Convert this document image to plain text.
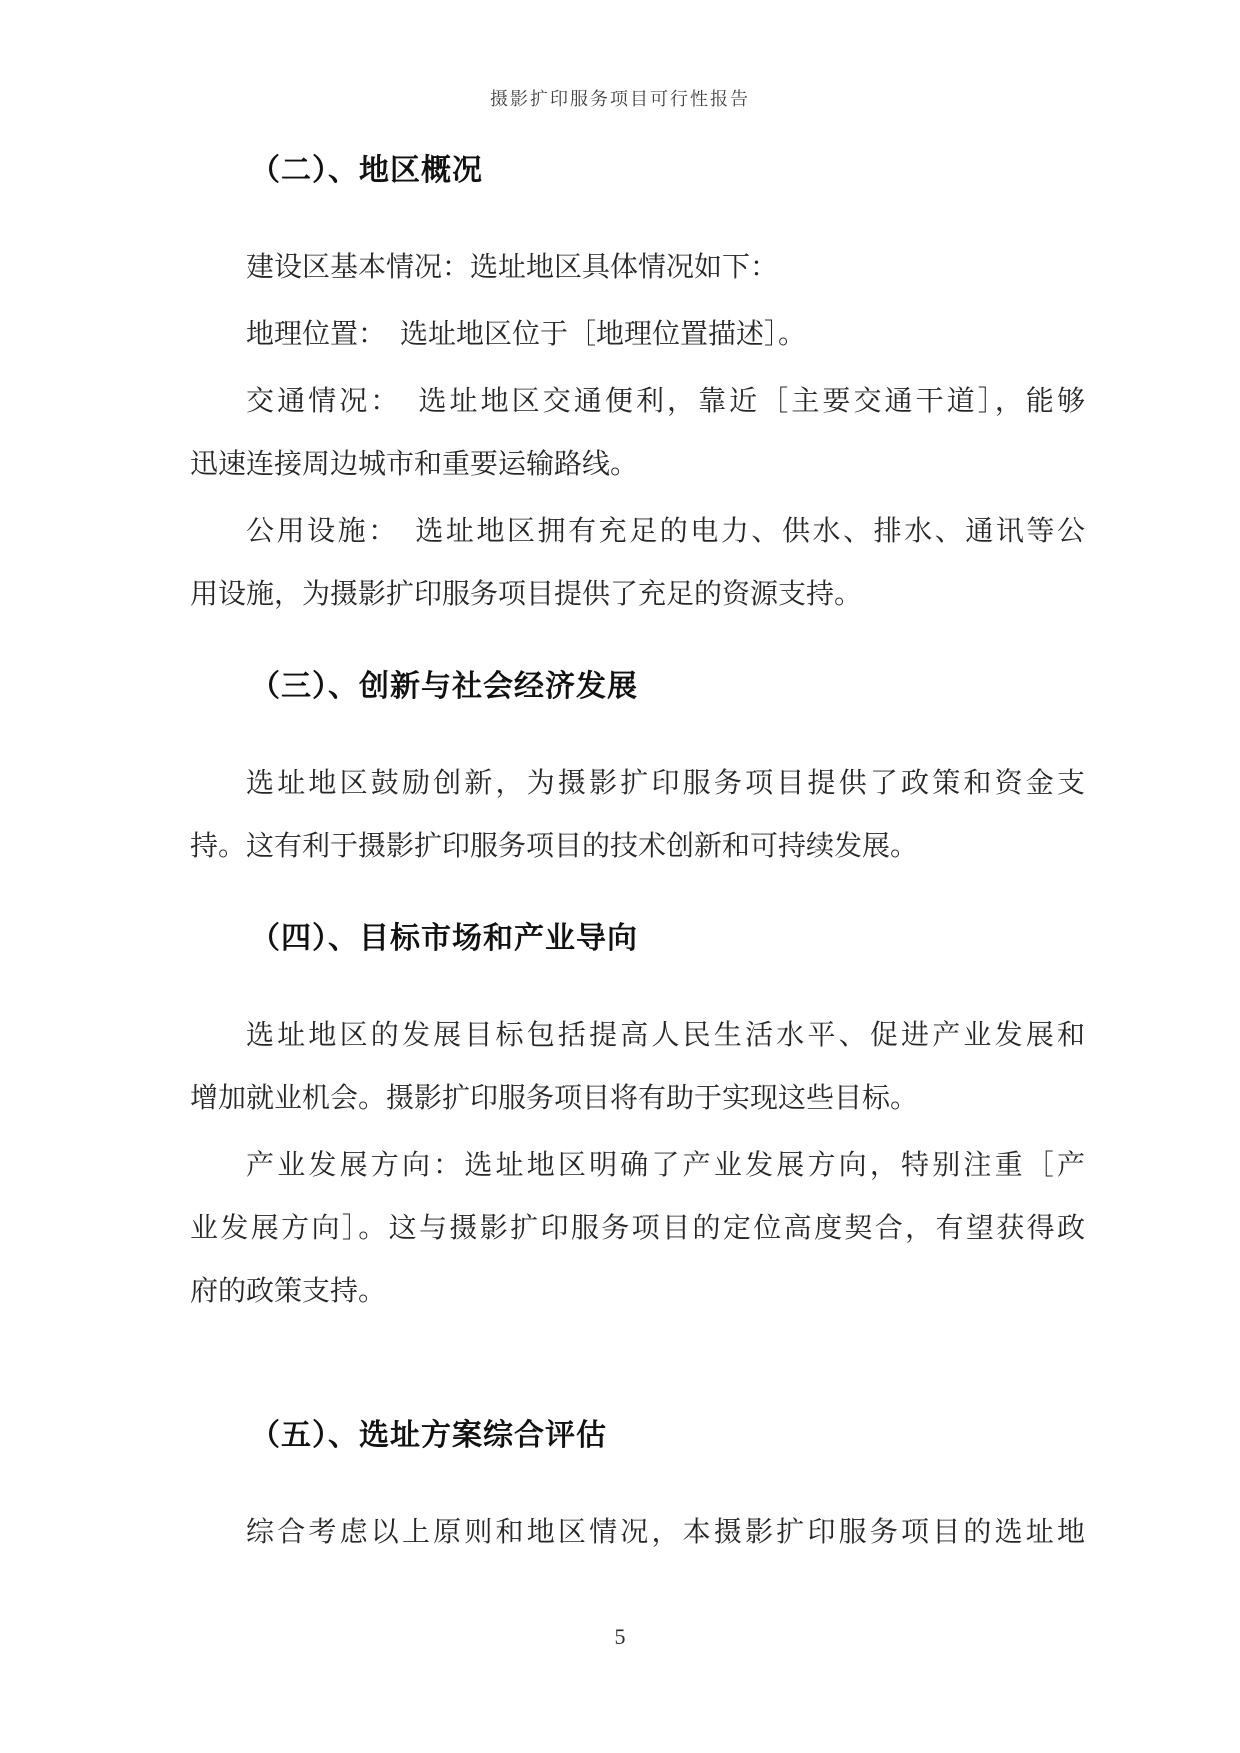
摄影扩印服务项目可行性报告
（二）、地区概况
建设区基本情况：选址地区具体情况如下：
地理位置：　选址地区位于［地理位置描述］。
交通情况：　选址地区交通便利，靠近［主要交通干道］，能够
迅速连接周边城市和重要运输路线。
公用设施：　选址地区拥有充足的电力、供水、排水、通讯等公
用设施，为摄影扩印服务项目提供了充足的资源支持。
（三）、创新与社会经济发展
选址地区鼓励创新，为摄影扩印服务项目提供了政策和资金支
持。这有利于摄影扩印服务项目的技术创新和可持续发展。
（四）、目标市场和产业导向
选址地区的发展目标包括提高人民生活水平、促进产业发展和
增加就业机会。摄影扩印服务项目将有助于实现这些目标。
产业发展方向：选址地区明确了产业发展方向，特别注重［产
业发展方向］。这与摄影扩印服务项目的定位高度契合，有望获得政
府的政策支持。
（五）、选址方案综合评估
综合考虑以上原则和地区情况，本摄影扩印服务项目的选址地
5
